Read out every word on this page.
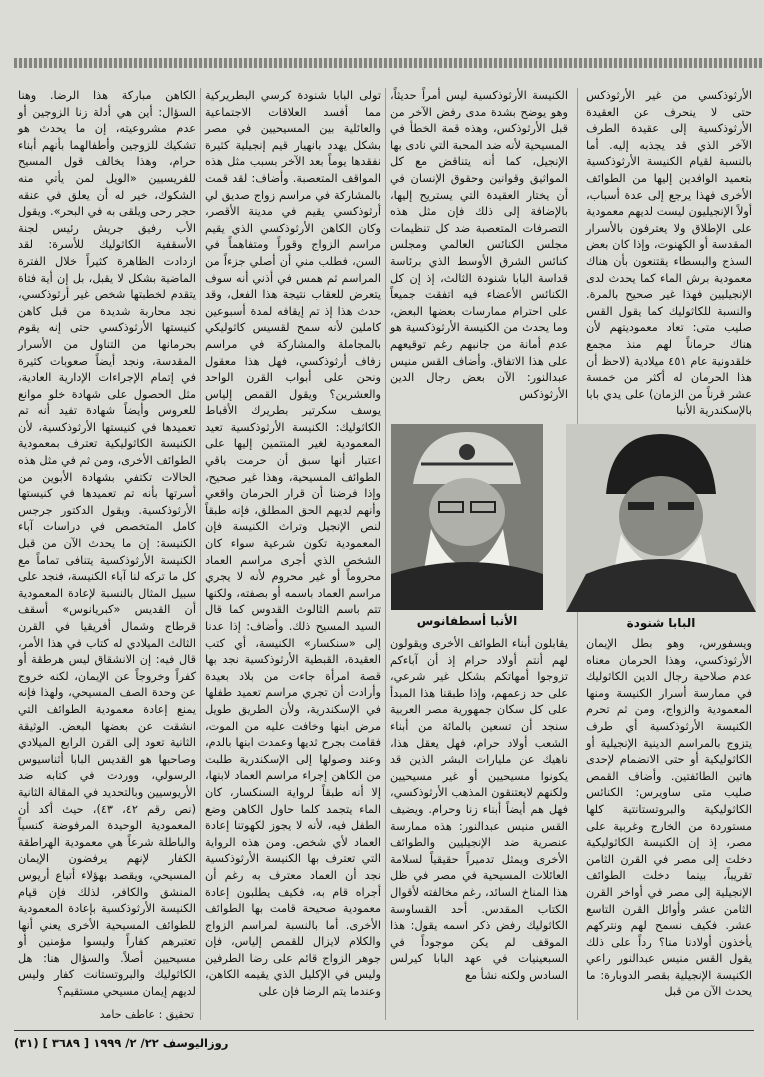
الأرثوذكسي من غير الأرثوذكس حتى لا ينحرف عن العقيدة الأرثوذكسية إلى عقيدة الطرف الآخر الذي قد يجذبه إليه. أما بالنسبة لقيام الكنيسة الأرثوذكسية بتعميد الوافدين إليها من الطوائف الأخرى فهذا يرجع إلى عدة أسباب، أولاً الإنجيليون ليست لديهم معمودية على الإطلاق ولا يعترفون بالأسرار المقدسة أو الكهنوت، وإذا كان بعض السذج والبسطاء يقتنعون بأن هناك معمودية برش الماء كما يحدث لدى الإنجيليين فهذا غير صحيح بالمرة. والنسبة للكاثوليك كما يقول القس صليب متى: تعاد معموديتهم لأن هناك حرماناً لهم منذ مجمع خلقدونية عام ٤٥١ ميلادية (لاحظ أن هذا الحرمان له أكثر من خمسة عشر قرناً من الزمان) على يدي بابا بالإسكندرية الأنبا

الكنيسة الأرثوذكسية ليس أمراً حديثاً، وهو يوضح بشدة مدى رفض الآخر من قبل الأرثوذكس، وهذه قمة الخطأ في المسيحية لأنه ضد المحبة التي نادى بها الإنجيل، كما أنه يتناقض مع كل المواثيق وقوانين وحقوق الإنسان في أن يختار العقيدة التي يستريح إليها، بالإضافة إلى ذلك فإن مثل هذه التصرفات المتعصبة ضد كل تنظيمات مجلس الكنائس العالمي ومجلس كنائس الشرق الأوسط الذي برئاسة قداسة البابا شنودة الثالث، إذ إن كل الكنائس الأعضاء فيه اتفقت جميعاً على احترام ممارسات بعضها البعض، وما يحدث من الكنيسة الأرثوذكسية هو عدم أمانة من جانبهم رغم توقيعهم على هذا الاتفاق. وأضاف القس منيس عبدالنور: الآن بعض رجال الدين الأرثوذكس

تولى البابا شنودة كرسي البطريركية مما أفسد العلاقات الاجتماعية والعائلية بين المسيحيين في مصر بشكل يهدد بانهيار قيم إنجيلية كثيرة نفقدها يوماً بعد الآخر بسبب مثل هذه المواقف المتعصبة. وأضاف: لقد قمت بالمشاركة في مراسم زواج صديق لي أرثوذكسي يقيم في مدينة الأقصر، وكان الكاهن الأرثوذكسي الذي يقيم مراسم الزواج وقوراً ومتفاهماً في السن، فطلب مني أن أصلي جزءاً من المراسم ثم همس في أذني أنه سوف يتعرض للعقاب نتيجة هذا الفعل، وقد حدث هذا إذ تم إيقافه لمدة أسبوعين كاملين لأنه سمح لقسيس كاثوليكي بالمجاملة والمشاركة في مراسم زفاف أرثوذكسي، فهل هذا معقول ونحن على أبواب القرن الواحد والعشرين؟ ويقول القمص إلياس يوسف سكرتير بطريرك الأقباط الكاثوليك: الكنيسة الأرثوذكسية تعيد المعمودية لغير المنتمين إليها على اعتبار أنها سبق أن حرمت باقي الطوائف المسيحية، وهذا غير صحيح، وإذا فرضنا أن قرار الحرمان واقعي وأنهم لديهم الحق المطلق، فإنه طبقاً لنص الإنجيل وتراث الكنيسة فإن المعمودية تكون شرعية سواء كان الشخص الذي أجرى مراسم العماد محروماً أو غير محروم لأنه لا يجري مراسم العماد باسمه أو بصفته، ولكنها تتم باسم الثالوث القدوس كما قال السيد المسيح ذلك. وأضاف: إذا عدنا إلى «سنكسار» الكنيسة، أي كتب العقيدة، القبطية الأرثوذكسية نجد بها قصة امرأة جاءت من بلاد بعيدة وأرادت أن تجري مراسم تعميد طفلها في الإسكندرية، ولأن الطريق طويل مرض ابنها وخافت عليه من الموت، فقامت بجرح ثديها وعمدت ابنها بالدم، وعند وصولها إلى الإسكندرية طلبت من الكاهن إجراء مراسم العماد لابنها، إلا أنه طبقاً لرواية السنكسار، كان الماء يتجمد كلما حاول الكاهن وضع الطفل فيه، لأنه لا يجوز لكهوتنا إعادة العماد لأي شخص. ومن هذه الرواية التي تعترف بها الكنيسة الأرثوذكسية نجد أن العماد معترف به رغم أن أجراه قام به، فكيف يطلبون إعادة معمودية صحيحة قامت بها الطوائف الأخرى. أما بالنسبة لمراسم الزواج والكلام لايزال للقمص إلياس، فإن جوهر الزواج قائم على رضا الطرفين وليس في الإكليل الذي يقيمه الكاهن، وعندما يتم الرضا فإن على

الكاهن مباركة هذا الرضا. وهنا السؤال: أين هي أدلة زنا الزوجين أو عدم مشروعيته، إن ما يحدث هو تشكيك للزوجين وأطفالهما بأنهم أبناء حرام، وهذا يخالف قول المسيح للفريسيين «الويل لمن يأتي منه الشكوك، خير له أن يعلق في عنقه حجر رحى ويلقى به في البحر». ويقول الأب رفيق جريش رئيس لجنة الأسقفية الكاثوليك للأسرة: لقد ازدادت الظاهرة كثيراً خلال الفترة الماضية بشكل لا يقبل، بل إن أية فتاة يتقدم لخطبتها شخص غير أرثوذكسي، نجد محاربة شديدة من قبل كاهن كنيستها الأرثوذكسي حتى إنه يقوم بحرمانها من التناول من الأسرار المقدسة، ونجد أيضاً صعوبات كثيرة في إتمام الإجراءات الإدارية العادية، مثل الحصول على شهادة خلو موانع للعروس وأيضاً شهادة تفيد أنه تم تعميدها في كنيستها الأرثوذكسية، لأن الكنيسة الكاثوليكية تعترف بمعمودية الطوائف الأخرى، ومن ثم في مثل هذه الحالات تكتفي بشهادة الأبوين من أسرتها بأنه تم تعميدها في كنيستها الأرثوذكسية. ويقول الدكتور جرجس كامل المتخصص في دراسات آباء الكنيسة: إن ما يحدث الآن من قبل الكنيسة الأرثوذكسية يتنافى تماماً مع كل ما تركه لنا آباء الكنيسة، فنجد على سبيل المثال بالنسبة لإعادة المعمودية أن القديس «كبريانوس» أسقف قرطاج وشمال أفريقيا في القرن الثالث الميلادي له كتاب في هذا الأمر، قال فيه: إن الانشقاق ليس هرطقة أو كفراً وخروجاً عن الإيمان، لكنه خروج عن وحدة الصف المسيحي، ولهذا فإنه يمنع إعادة معمودية الطوائف التي انشقت عن بعضها البعض. الوثيقة الثانية تعود إلى القرن الرابع الميلادي وصاحبها هو القديس البابا أثناسيوس الرسولي، ووردت في كتابه ضد الأريوسيين وبالتحديد في المقالة الثانية (نص رقم ٤٢، ٤٣)، حيث أكد أن المعمودية الوحيدة المرفوضة كنسياً والباطلة شرعاً هي معمودية الهراطقة الكفار لإنهم يرفضون الإيمان المسيحي، ويقصد بهؤلاء أتباع أريوس المنشق والكافر، لذلك فإن قيام الكنيسة الأرثوذكسية بإعادة المعمودية للطوائف المسيحية الأخرى يعني أنها تعتبرهم كفاراً وليسوا مؤمنين أو مسيحيين أصلاً. والسؤال هنا: هل الكاثوليك والبروتستانت كفار وليس لديهم إيمان مسيحي مستقيم؟

ويسفورس، وهو بطل الإيمان الأرثوذكسي، وهذا الحرمان معناه عدم صلاحية رجال الدين الكاثوليك في ممارسة أسرار الكنيسة ومنها المعمودية والزواج، ومن ثم تحرم الكنيسة الأرثوذكسية أي طرف يتزوج بالمراسم الدينية الإنجيلية أو الكاثوليكية أو حتى الانضمام لإحدى هاتين الطائفتين. وأضاف القمص صليب متى ساويرس: الكنائس الكاثوليكية والبروتستانتية كلها مستوردة من الخارج وغربية على مصر، إذ إن الكنيسة الكاثوليكية دخلت إلى مصر في القرن الثامن تقريباً، بينما دخلت الطوائف الإنجيلية إلى مصر في أواخر القرن الثامن عشر وأوائل القرن التاسع عشر. فكيف نسمح لهم ونتركهم يأخذون أولادنا منا؟ رداً على ذلك يقول القس منيس عبدالنور راعي الكنيسة الإنجيلية بقصر الدوبارة: ما يحدث الآن من قبل

يقابلون أبناء الطوائف الأخرى ويقولون لهم أنتم أولاد حرام إذ أن آباءكم تزوجوا أمهاتكم بشكل غير شرعي، على حد زعمهم، وإذا طبقنا هذا المبدأ على كل سكان جمهورية مصر العربية سنجد أن تسعين بالمائة من أبناء الشعب أولاد حرام، فهل يعقل هذا، ناهيك عن مليارات البشر الذين قد يكونوا مسيحيين أو غير مسيحيين ولكنهم لايعتنقون المذهب الأرثوذكسي، فهل هم أيضاً أبناء زنا وحرام. ويضيف القس منيس عبدالنور: هذه ممارسة عنصرية ضد الإنجيليين والطوائف الأخرى ويمثل تدميراً حقيقياً لسلامة العائلات المسيحية في مصر في ظل هذا المناخ السائد، رغم مخالفته لأقوال الكتاب المقدس. أحد القساوسة الكاثوليك رفض ذكر اسمه يقول: هذا الموقف لم يكن موجوداً في السبعينيات في عهد البابا كيرلس السادس ولكنه نشأ مع

البابا شنودة
الأنبا أسطفانوس
تحقيق : عاطف حامد
روزاليوسف ٢٢/ ٢/ ١٩٩٩ [ ٣٦٨٩ ] (٣١)
